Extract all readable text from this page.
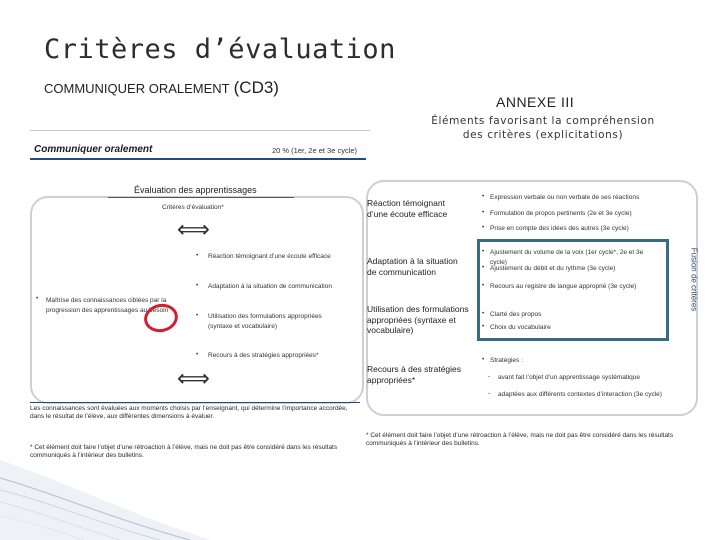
Critères d’évaluation
COMMUNIQUER ORALEMENT (CD3)
ANNEXE III
Éléments favorisant la compréhension des critères (explicitations)
Communiquer oralement	20 % (1er, 2e et 3e cycle)
Évaluation des apprentissages
Critères d’évaluation*
⟺
⟺
• Maîtrise des connaissances ciblées par la progression des apprentissages au besoin
• Réaction témoignant d’une écoute efficace
• Adaptation à la situation de communication
• Utilisation des formulations appropriées (syntaxe et vocabulaire)
• Recours à des stratégies appropriées*
Les connaissances sont évaluées aux moments choisis par l’enseignant, qui détermine l’importance accordée, dans le résultat de l’élève, aux différentes dimensions à évaluer.
* Cet élément doit faire l’objet d’une rétroaction à l’élève, mais ne doit pas être considéré dans les résultats communiqués à l’intérieur des bulletins.
Réaction témoignant d’une écoute efficace
Adaptation à la situation de communication
Utilisation des formulations appropriées (syntaxe et vocabulaire)
Recours à des stratégies appropriées*
• Expression verbale ou non verbale de ses réactions
• Formulation de propos pertinents (2e et 3e cycle)
• Prise en compte des idées des autres (3e cycle)
• Ajustement du volume de la voix (1er cycle*, 2e et 3e cycle)
• Ajustement du débit et du rythme (3e cycle)
• Recours au registre de langue approprié (3e cycle)
• Clarté des propos
• Choix du vocabulaire
• Stratégies :
- avant fait l’objet d’un apprentissage systématique
- adaptées aux différents contextes d’interaction (3e cycle)
Fusion de critères
* Cet élément doit faire l’objet d’une rétroaction à l’élève, mais ne doit pas être considéré dans les résultats communiqués à l’intérieur des bulletins.
